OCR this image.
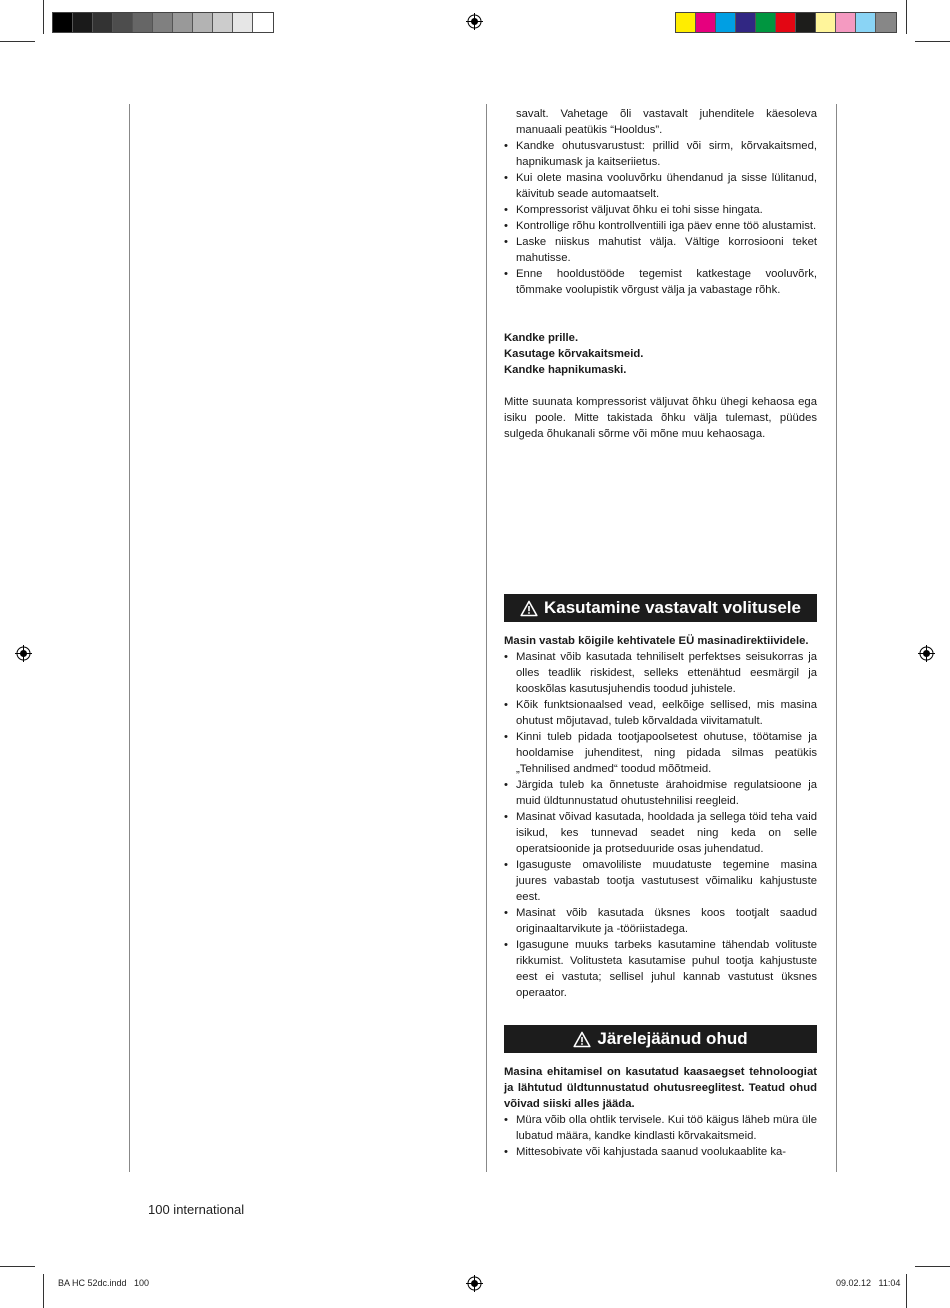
savalt. Vahetage õli vastavalt juhenditele käesoleva manuaali peatükis “Hooldus”.

• Kandke ohutusvarustust: prillid või sirm, kõrvakaitsmed, hapnikumask ja kaitseriietus.
• Kui olete masina vooluvõrku ühendanud ja sisse lülitanud, käivitub seade automaatselt.
• Kompressorist väljuvat õhku ei tohi sisse hingata.
• Kontrollige rõhu kontrollventiili iga päev enne töö alustamist.
• Laske niiskus mahutist välja. Vältige korrosiooni teket mahutisse.
• Enne hooldustööde tegemist katkestage vooluvõrk, tõmmake voolupistik võrgust välja ja vabastage rõhk.

Kandke prille.

Kasutage kõrvakaitsmeid.

Kandke hapnikumaski.

Mitte suunata kompressorist väljuvat õhku ühegi kehaosa ega isiku poole. Mitte takistada õhku välja tulemast, püüdes sulgeda õhukanali sõrme või mõne muu kehaosaga.

Kasutamine vastavalt volitusele

Masin vastab kõigile kehtivatele EÜ masinadirektiividele.

• Masinat võib kasutada tehniliselt perfektses seisukorras ja olles teadlik riskidest, selleks ettenähtud eesmärgil ja kooskõlas kasutusjuhendis toodud juhistele.
• Kõik funktsionaalsed vead, eelkõige sellised, mis masina ohutust mõjutavad, tuleb kõrvaldada viivitamatult.
• Kinni tuleb pidada tootjapoolsetest ohutuse, töötamise ja hooldamise juhenditest, ning pidada silmas peatükis „Tehnilised andmed“ toodud mõõtmeid.
• Järgida tuleb ka õnnetuste ärahoidmise regulatsioone ja muid üldtunnustatud ohutustehnilisi reegleid.
• Masinat võivad kasutada, hooldada ja sellega töid teha vaid isikud, kes tunnevad seadet ning keda on selle operatsioonide ja protseduuride osas juhendatud.
• Igasuguste omavoliliste muudatuste tegemine masina juures vabastab tootja vastutusest võimaliku kahjustuste eest.
• Masinat võib kasutada üksnes koos tootjalt saadud originaaltarvikute ja -tööriistadega.
• Igasugune muuks tarbeks kasutamine tähendab volituste rikkumist. Volitusteta kasutamise puhul tootja kahjustuste eest ei vastuta; sellisel juhul kannab vastutust üksnes operaator.
Järelejäänud ohud

Masina ehitamisel on kasutatud kaasaegset tehnoloogiat ja lähtutud üldtunnustatud ohutusreeglitest. Teatud ohud võivad siiski alles jääda.

• Müra võib olla ohtlik tervisele. Kui töö käigus läheb müra üle lubatud määra, kandke kindlasti kõrvakaitsmeid.
• Mittesobivate või kahjustada saanud voolukaablite ka-
100 international
BA HC 52dc.indd   100	09.02.12   11:04
